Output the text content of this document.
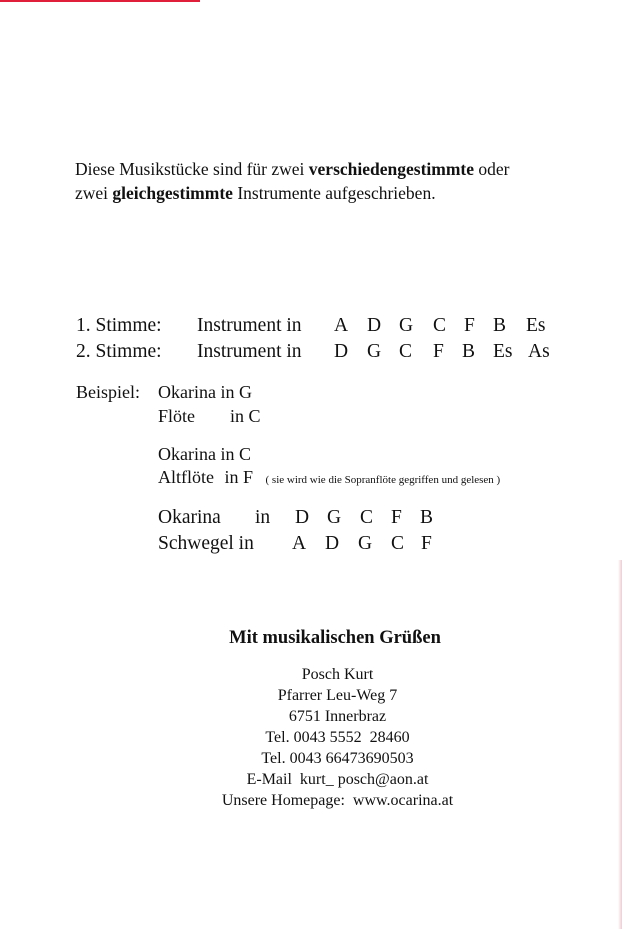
Diese Musikstücke sind für zwei verschiedengestimmte oder
zwei gleichgestimmte Instrumente aufgeschrieben.
1. Stimme: Instrument in A D G C F B Es
2. Stimme: Instrument in D G C F B Es As
Beispiel: Okarina in G
Flöte in C
Okarina in C
Altflöte in F ( sie wird wie die Sopranflöte gegriffen und gelesen )
Okarina in D G C F B
Schwegel in A D G C F
Mit musikalischen Grüßen
Posch Kurt
Pfarrer Leu-Weg 7
6751 Innerbraz
Tel. 0043 5552  28460
Tel. 0043 66473690503
E-Mail  kurt_ posch@aon.at
Unsere Homepage:  www.ocarina.at
